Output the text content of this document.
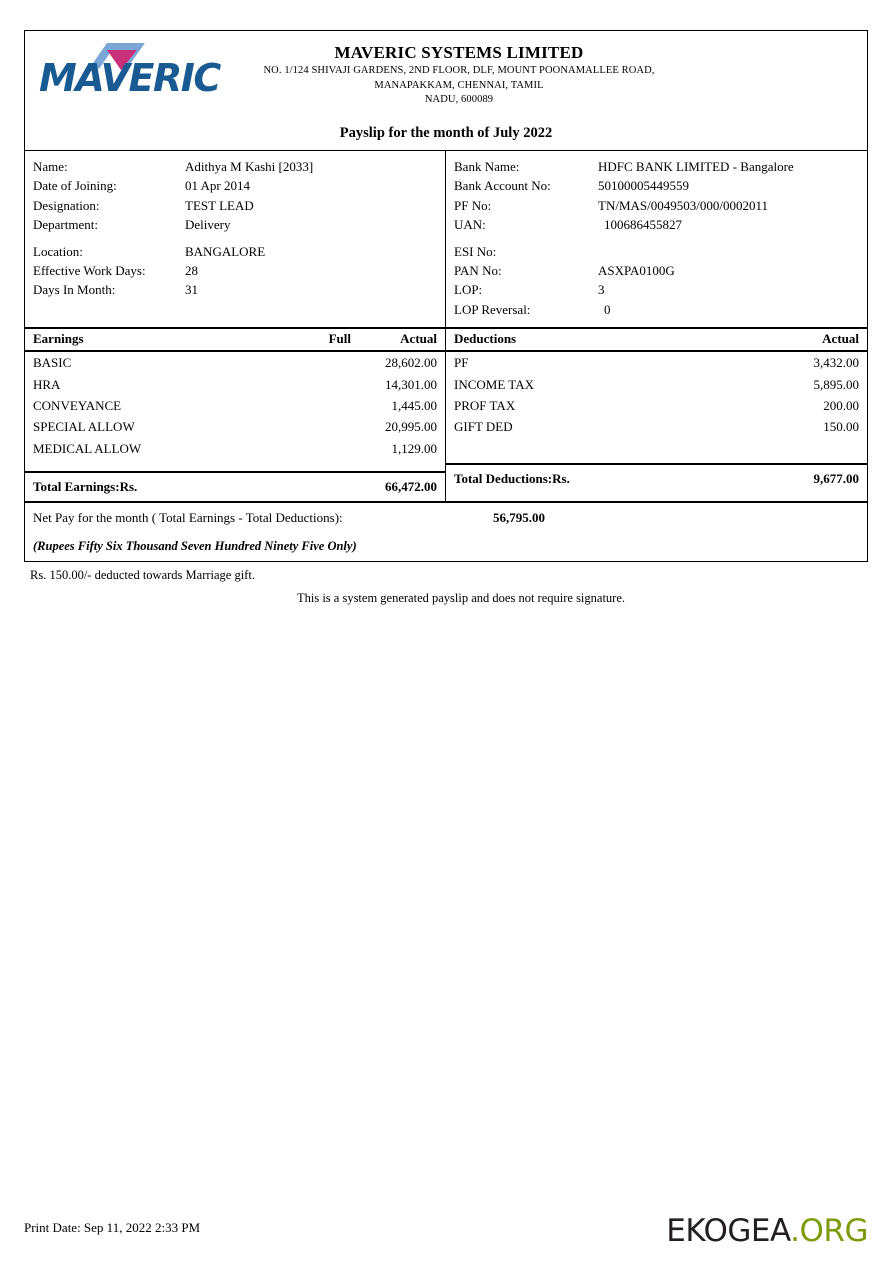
MAVERIC
MAVERIC SYSTEMS LIMITED
NO. 1/124 SHIVAJI GARDENS, 2ND FLOOR, DLF, MOUNT POONAMALLEE ROAD,
MANAPAKKAM, CHENNAI, TAMIL
NADU, 600089
Payslip for the month of July 2022
Name:	Adithya M Kashi [2033]
Date of Joining:	01 Apr 2014
Designation:	TEST LEAD
Department:	Delivery
Location:	BANGALORE
Effective Work Days:	28
Days In Month:	31
Bank Name:	HDFC BANK LIMITED - Bangalore
Bank Account No:	50100005449559
PF No:	TN/MAS/0049503/000/0002011
UAN:	100686455827
ESI No:
PAN No:	ASXPA0100G
LOP:	3
LOP Reversal:	0
Earnings	Full	Actual
BASIC		28,602.00
HRA		14,301.00
CONVEYANCE		1,445.00
SPECIAL ALLOW		20,995.00
MEDICAL ALLOW		1,129.00

Total Earnings:Rs.		66,472.00
Deductions	Actual
PF	3,432.00
INCOME TAX	5,895.00
PROF TAX	200.00
GIFT DED	150.00

Total Deductions:Rs.	9,677.00
Net Pay for the month ( Total Earnings - Total Deductions):	56,795.00
(Rupees Fifty Six Thousand Seven Hundred Ninety Five Only)
Rs. 150.00/- deducted towards Marriage gift.
This is a system generated payslip and does not require signature.
Print Date: Sep 11, 2022 2:33 PM	EKOGEA.ORG
